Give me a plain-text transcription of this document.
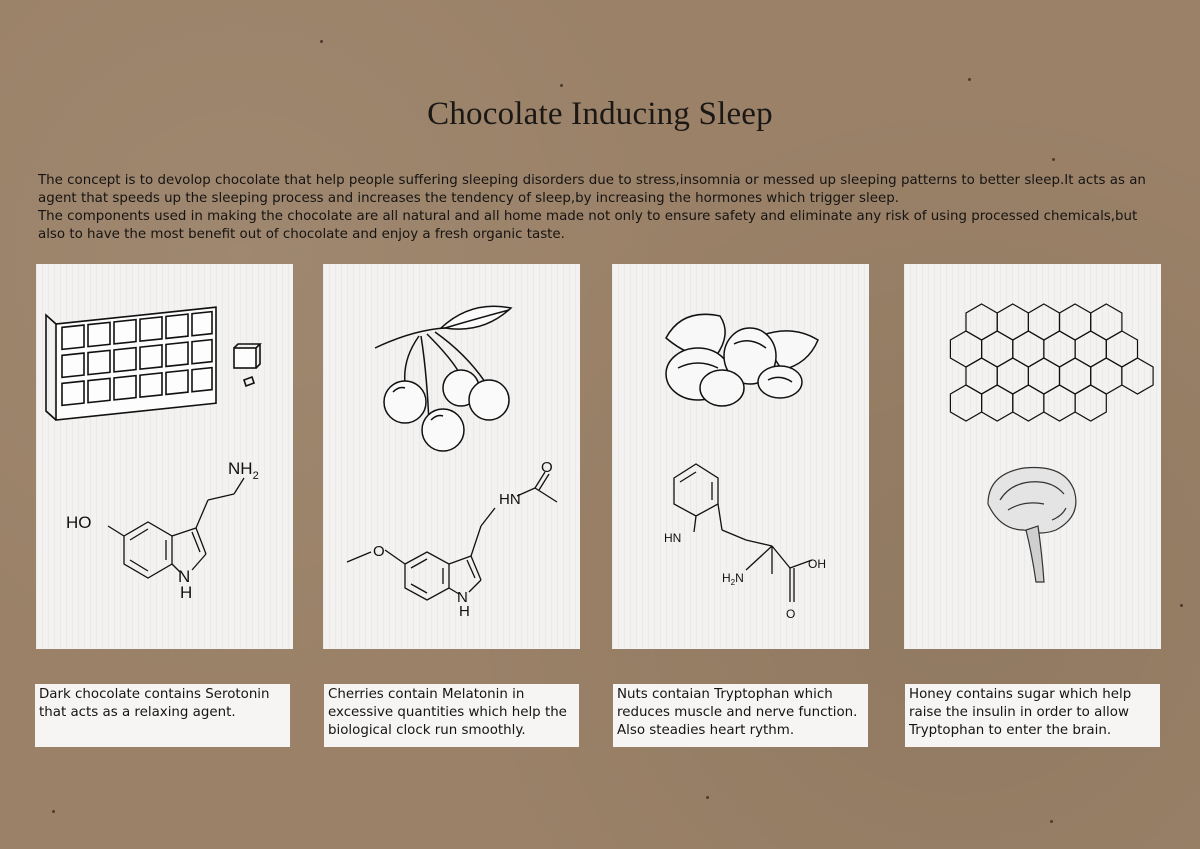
Chocolate Inducing Sleep

The concept is to devolop chocolate that help people suffering sleeping disorders due to stress,insomnia or messed up sleeping patterns to better sleep.It acts as an agent that speeds up the sleeping process and increases the tendency of sleep,by increasing the hormones which trigger sleep.

The components used in making the chocolate are all natural and all home made not only to ensure safety and eliminate any risk of using processed chemicals,but also to have the most benefit out of chocolate and enjoy a fresh organic taste.

$NH_2$
HO
N
H
HN
O
N
H
O
HN
OH
$H_2N$
O
Dark chocolate contains Serotonin that acts as a relaxing agent.
Cherries contain Melatonin in excessive quantities which help the biological clock run smoothly.
Nuts contaian Tryptophan which reduces muscle and nerve function. Also steadies heart rythm.
Honey contains sugar which help raise the insulin in order to allow Tryptophan to enter the brain.
